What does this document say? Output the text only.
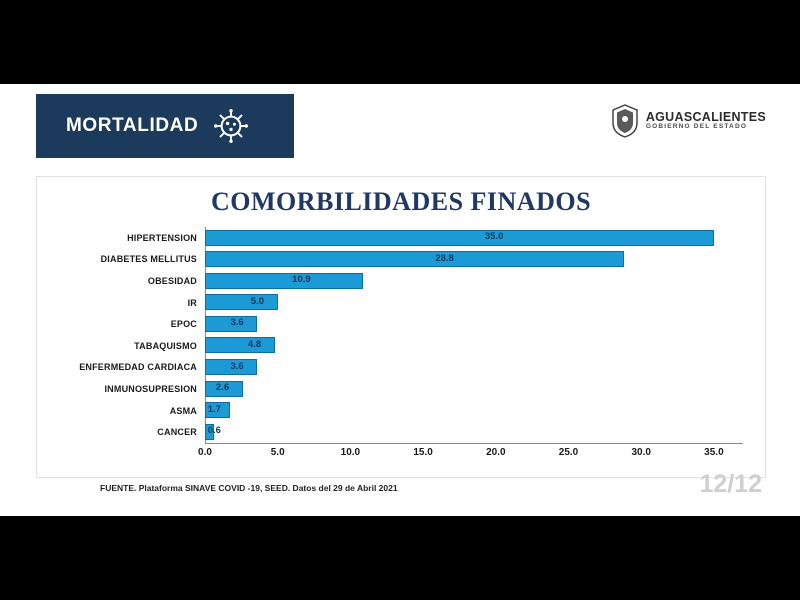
MORTALIDAD	AGUASCALIENTES
GOBIERNO DEL ESTADO
COMORBILIDADES FINADOS
HIPERTENSION	35.0
DIABETES MELLITUS	28.8
OBESIDAD	10.9
IR	5.0
EPOC	3.6
TABAQUISMO	4.8
ENFERMEDAD CARDIACA	3.6
INMUNOSUPRESION	2.6
ASMA	1.7
CANCER	0.6
0.0	5.0	10.0	15.0	20.0	25.0	30.0	35.0
FUENTE. Plataforma SINAVE COVID -19, SEED. Datos del 29 de Abril 2021	12/12
